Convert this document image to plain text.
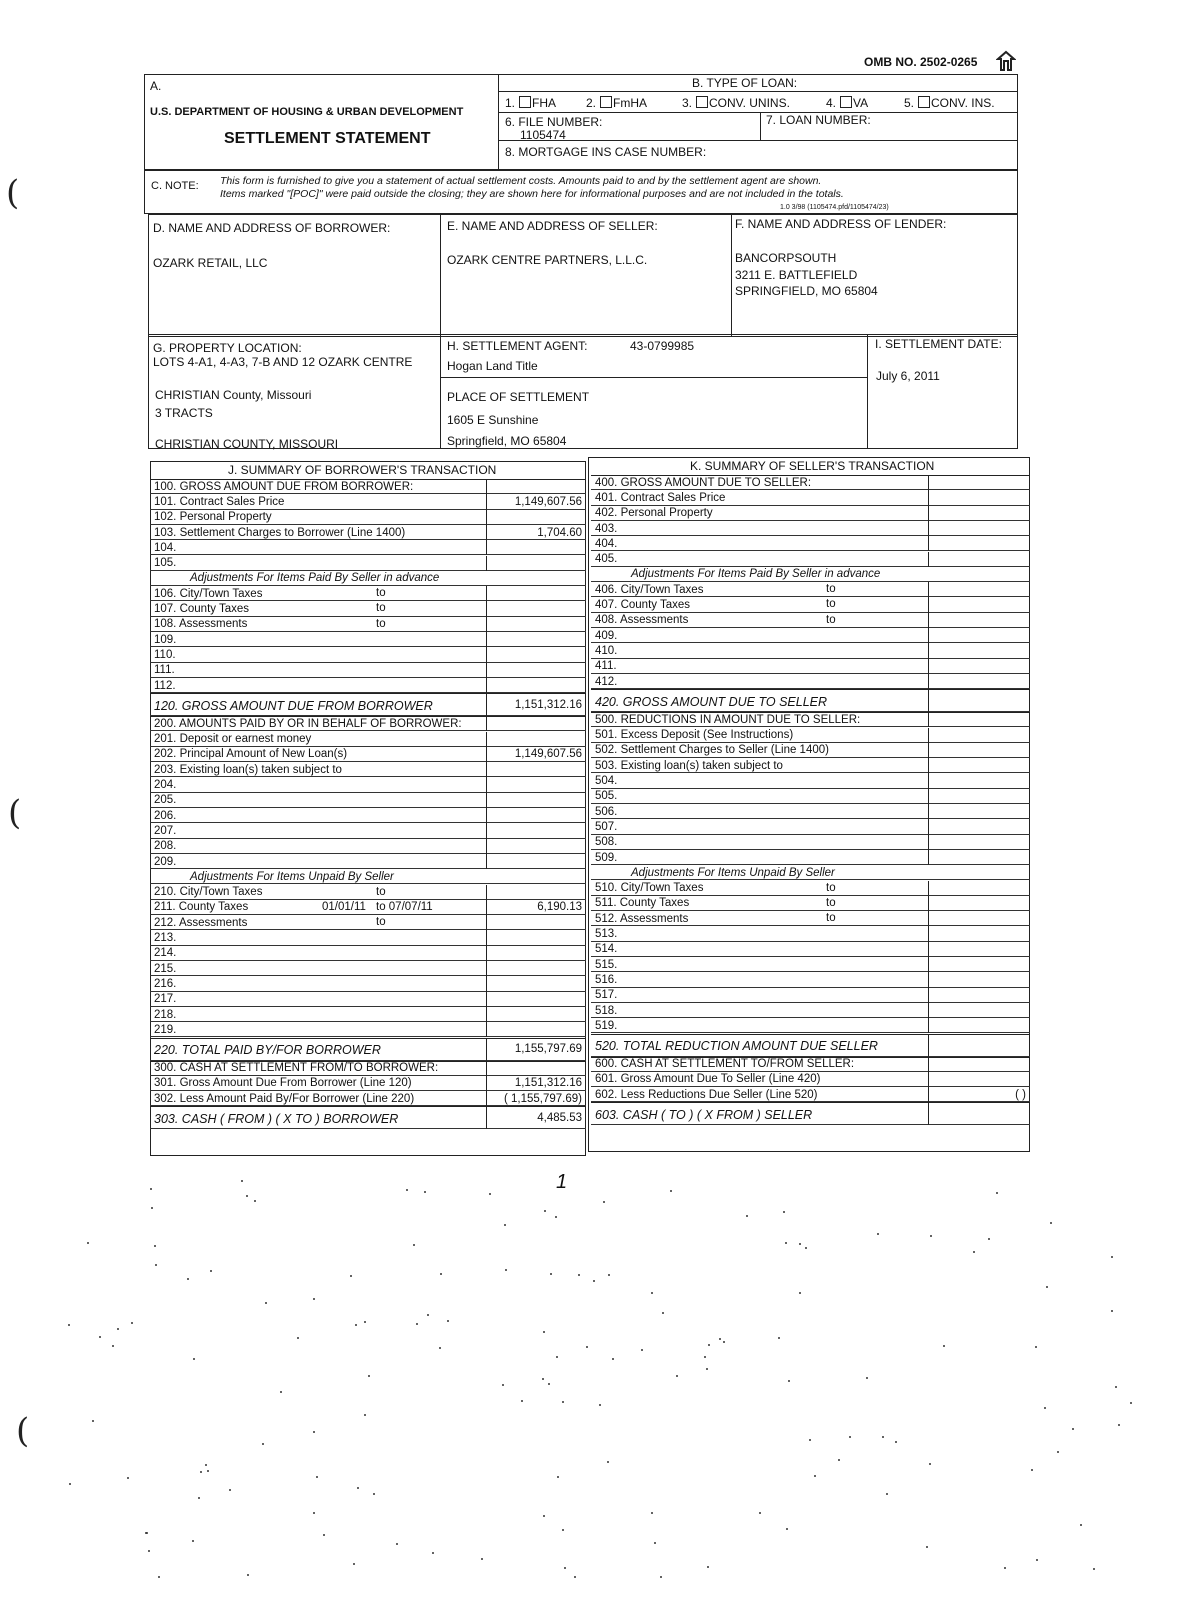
OMB NO. 2502-0265
A.
U.S. DEPARTMENT OF HOUSING & URBAN DEVELOPMENT
SETTLEMENT STATEMENT
B. TYPE OF LOAN:
1. FHA	2. FmHA	3. CONV. UNINS.	4. VA	5. CONV. INS.
6. FILE NUMBER:
1105474
7. LOAN NUMBER:
8. MORTGAGE INS CASE NUMBER:
C. NOTE: This form is furnished to give you a statement of actual settlement costs. Amounts paid to and by the settlement agent are shown.
Items marked "[POC]" were paid outside the closing; they are shown here for informational purposes and are not included in the totals.
1.0 3/98 (1105474.pfd/1105474/23)
D. NAME AND ADDRESS OF BORROWER:
OZARK RETAIL, LLC
E. NAME AND ADDRESS OF SELLER:
OZARK CENTRE PARTNERS, L.L.C.
F. NAME AND ADDRESS OF LENDER:
BANCORPSOUTH
3211 E. BATTLEFIELD
SPRINGFIELD, MO 65804
G. PROPERTY LOCATION:
LOTS 4-A1, 4-A3, 7-B AND 12 OZARK CENTRE
CHRISTIAN County, Missouri
3 TRACTS
CHRISTIAN COUNTY, MISSOURI
H. SETTLEMENT AGENT:	43-0799985
Hogan Land Title
PLACE OF SETTLEMENT
1605 E Sunshine
Springfield, MO 65804
I. SETTLEMENT DATE:
July 6, 2011
J. SUMMARY OF BORROWER'S TRANSACTION
100. GROSS AMOUNT DUE FROM BORROWER:
101. Contract Sales Price	1,149,607.56
102. Personal Property
103. Settlement Charges to Borrower (Line 1400)	1,704.60
104.
105.
Adjustments For Items Paid By Seller in advance
106. City/Town Taxes	to
107. County Taxes	to
108. Assessments	to
109.
110.
111.
112.
120. GROSS AMOUNT DUE FROM BORROWER	1,151,312.16
200. AMOUNTS PAID BY OR IN BEHALF OF BORROWER:
201. Deposit or earnest money
202. Principal Amount of New Loan(s)	1,149,607.56
203. Existing loan(s) taken subject to
204.
205.
206.
207.
208.
209.
Adjustments For Items Unpaid By Seller
210. City/Town Taxes	to
211. County Taxes	01/01/11 to 07/07/11	6,190.13
212. Assessments	to
213.
214.
215.
216.
217.
218.
219.
220. TOTAL PAID BY/FOR BORROWER	1,155,797.69
300. CASH AT SETTLEMENT FROM/TO BORROWER:
301. Gross Amount Due From Borrower (Line 120)	1,151,312.16
302. Less Amount Paid By/For Borrower (Line 220)	( 1,155,797.69)
303. CASH ( FROM ) ( X TO ) BORROWER	4,485.53
K. SUMMARY OF SELLER'S TRANSACTION
400. GROSS AMOUNT DUE TO SELLER:
401. Contract Sales Price
402. Personal Property
403.
404.
405.
Adjustments For Items Paid By Seller in advance
406. City/Town Taxes	to
407. County Taxes	to
408. Assessments	to
409.
410.
411.
412.
420. GROSS AMOUNT DUE TO SELLER
500. REDUCTIONS IN AMOUNT DUE TO SELLER:
501. Excess Deposit (See Instructions)
502. Settlement Charges to Seller (Line 1400)
503. Existing loan(s) taken subject to
504.
505.
506.
507.
508.
509.
Adjustments For Items Unpaid By Seller
510. City/Town Taxes	to
511. County Taxes	to
512. Assessments	to
513.
514.
515.
516.
517.
518.
519.
520. TOTAL REDUCTION AMOUNT DUE SELLER
600. CASH AT SETTLEMENT TO/FROM SELLER:
601. Gross Amount Due To Seller (Line 420)
602. Less Reductions Due Seller (Line 520)	( )
603. CASH ( TO ) ( X FROM ) SELLER
1
(
(
(
